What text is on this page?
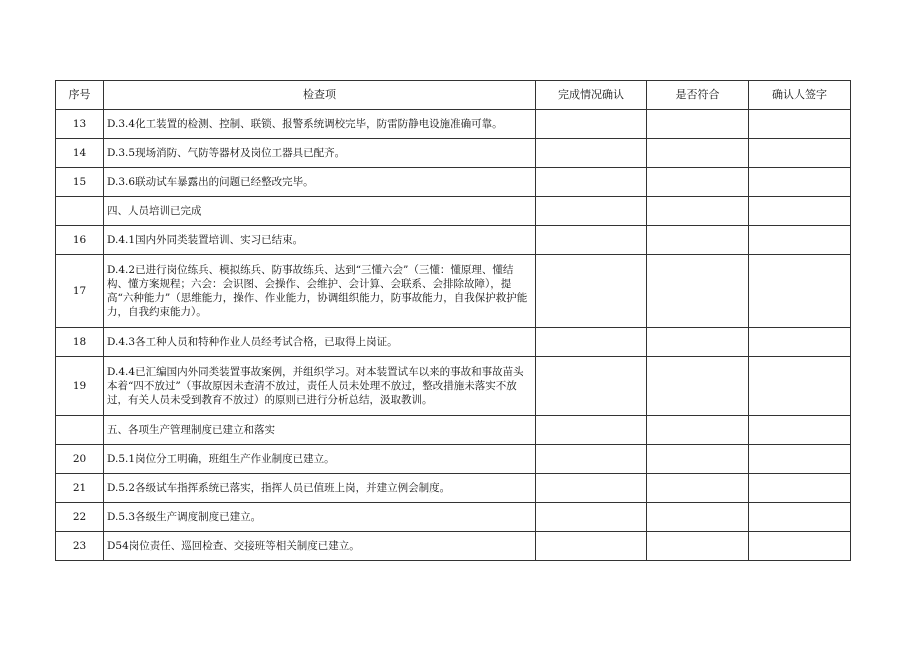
序号	检查项	完成情况确认	是否符合	确认人签字
13	D.3.4化工装置的检测、控制、联锁、报警系统调校完毕，防雷防静电设施准确可靠。			
14	D.3.5现场消防、气防等器材及岗位工器具已配齐。			
15	D.3.6联动试车暴露出的问题已经整改完毕。			
	四、人员培训已完成			
16	D.4.1国内外同类装置培训、实习已结束。			
17	D.4.2已进行岗位练兵、模拟练兵、防事故练兵、达到“三懂六会”（三懂：懂原理、懂结构、懂方案规程；六会：会识图、会操作、会维护、会计算、会联系、会排除故障），提高“六种能力”（思维能力，操作、作业能力，协调组织能力，防事故能力，自我保护救护能力，自我约束能力）。			
18	D.4.3各工种人员和特种作业人员经考试合格，已取得上岗证。			
19	D.4.4已汇编国内外同类装置事故案例，并组织学习。对本装置试车以来的事故和事故苗头本着“四不放过”（事故原因未查清不放过，责任人员未处理不放过，整改措施未落实不放过，有关人员未受到教育不放过）的原则已进行分析总结，汲取教训。			
	五、各项生产管理制度已建立和落实			
20	D.5.1岗位分工明确，班组生产作业制度已建立。			
21	D.5.2各级试车指挥系统已落实，指挥人员已值班上岗，并建立例会制度。			
22	D.5.3各级生产调度制度已建立。			
23	D54岗位责任、巡回检查、交接班等相关制度已建立。			
